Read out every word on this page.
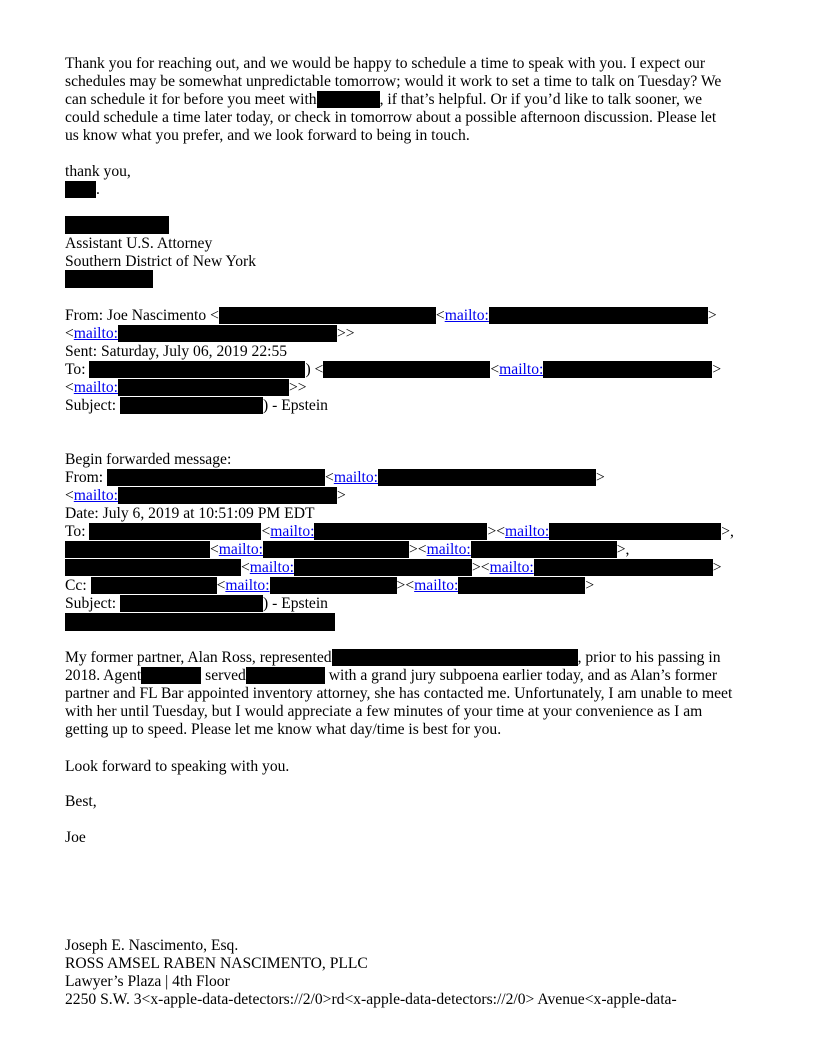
Thank you for reaching out, and we would be happy to schedule a time to speak with you. I expect our
schedules may be somewhat unpredictable tomorrow; would it work to set a time to talk on Tuesday? We
can schedule it for before you meet with	, if that’s helpful. Or if you’d like to talk sooner, we
could schedule a time later today, or check in tomorrow about a possible afternoon discussion. Please let
us know what you prefer, and we look forward to being in touch.
thank you,
.
Assistant U.S. Attorney
Southern District of New York
From: Joe Nascimento <	<mailto:	>
<mailto:	>>
Sent: Saturday, July 06, 2019 22:55
To:	) <	<mailto:	>
<mailto:	>>
Subject:	) - Epstein
Begin forwarded message:
From:	<mailto:	>
<mailto:	>
Date: July 6, 2019 at 10:51:09 PM EDT
To:	<mailto:	><mailto:	>,
<mailto:	><mailto:	>,
<mailto:	><mailto:	>
Cc:	<mailto:	><mailto:	>
Subject:	) - Epstein
My former partner, Alan Ross, represented	, prior to his passing in
2018. Agent	served	with a grand jury subpoena earlier today, and as Alan’s former
partner and FL Bar appointed inventory attorney, she has contacted me. Unfortunately, I am unable to meet
with her until Tuesday, but I would appreciate a few minutes of your time at your convenience as I am
getting up to speed. Please let me know what day/time is best for you.
Look forward to speaking with you.
Best,
Joe
Joseph E. Nascimento, Esq.
ROSS AMSEL RABEN NASCIMENTO, PLLC
Lawyer’s Plaza | 4th Floor
2250 S.W. 3<x-apple-data-detectors://2/0>rd<x-apple-data-detectors://2/0> Avenue<x-apple-data-
